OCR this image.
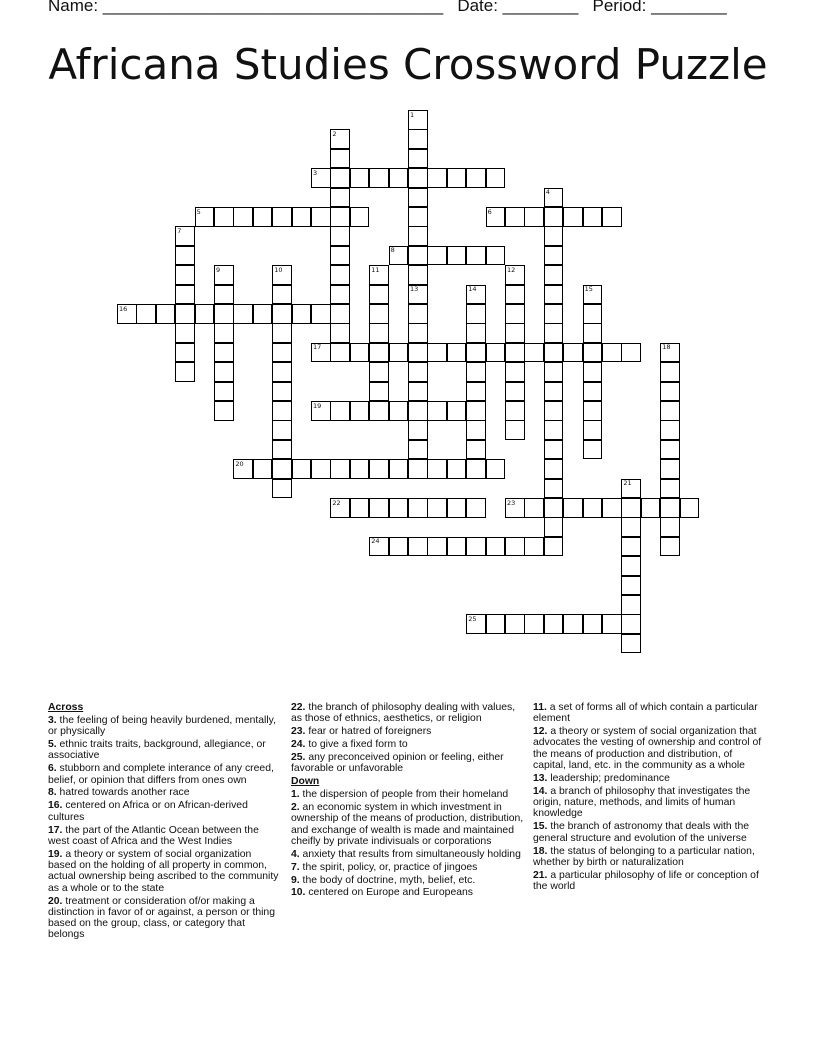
Name: ____________________________________   Date: ________   Period: ________
Africana Studies Crossword Puzzle
1
2
3
4
5	6
7
8
9	10	11	12
13	14	15
16
17	18
19
20
21
22	23
24
25

Across

3. the feeling of being heavily burdened, mentally, or physically

5. ethnic traits traits, background, allegiance, or associative

6. stubborn and complete interance of any creed, belief, or opinion that differs from ones own

8. hatred towards another race

16. centered on Africa or on African-derived cultures

17. the part of the Atlantic Ocean between the west coast of Africa and the West Indies

19. a theory or system of social organization based on the holding of all property in common, actual ownership being ascribed to the community as a whole or to the state

20. treatment or consideration of/or making a distinction in favor of or against, a person or thing based on the group, class, or category that belongs

22. the branch of philosophy dealing with values, as those of ethnics, aesthetics, or religion

23. fear or hatred of foreigners

24. to give a fixed form to

25. any preconceived opinion or feeling, either favorable or unfavorable

Down

1. the dispersion of people from their homeland

2. an economic system in which investment in ownership of the means of production, distribution, and exchange of wealth is made and maintained cheifly by private indivisuals or corporations

4. anxiety that results from simultaneously holding

7. the spirit, policy, or, practice of jingoes

9. the body of doctrine, myth, belief, etc.

10. centered on Europe and Europeans

11. a set of forms all of which contain a particular element

12. a theory or system of social organization that advocates the vesting of ownership and control of the means of production and distribution, of capital, land, etc. in the community as a whole

13. leadership; predominance

14. a branch of philosophy that investigates the origin, nature, methods, and limits of human knowledge

15. the branch of astronomy that deals with the general structure and evolution of the universe

18. the status of belonging to a particular nation, whether by birth or naturalization

21. a particular philosophy of life or conception of the world
